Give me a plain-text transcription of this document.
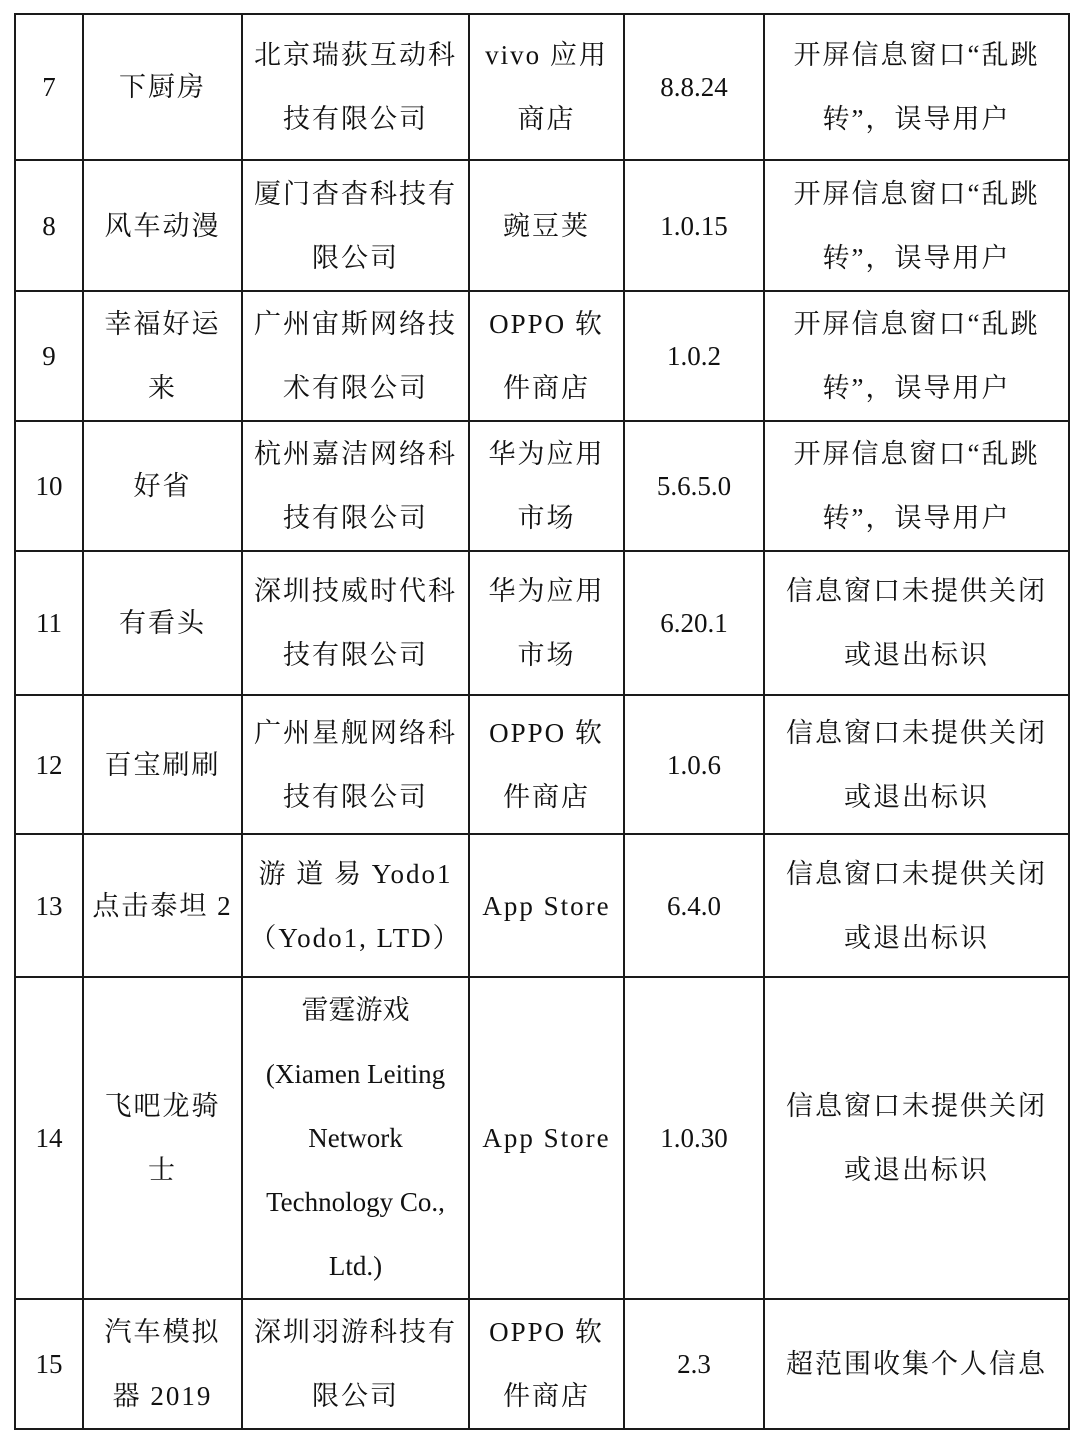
7	下厨房	北京瑞荻互动科
技有限公司	vivo 应用
商店	8.8.24	开屏信息窗口“乱跳
转”，误导用户

8	风车动漫	厦门杳杳科技有
限公司	豌豆荚	1.0.15	开屏信息窗口“乱跳
转”，误导用户

9	幸福好运
来	广州宙斯网络技
术有限公司	OPPO 软
件商店	1.0.2	开屏信息窗口“乱跳
转”，误导用户

10	好省	杭州嘉洁网络科
技有限公司	华为应用
市场	5.6.5.0	开屏信息窗口“乱跳
转”，误导用户

11	有看头	深圳技威时代科
技有限公司	华为应用
市场	6.20.1	信息窗口未提供关闭
或退出标识

12	百宝刷刷	广州星舰网络科
技有限公司	OPPO 软
件商店	1.0.6	信息窗口未提供关闭
或退出标识

13	点击泰坦 2	游 道 易 Yodo1
（Yodo1, LTD）	App Store	6.4.0	信息窗口未提供关闭
或退出标识

14	飞吧龙骑
士	雷霆游戏
(Xiamen Leiting
Network
Technology Co.,
Ltd.)	App Store	1.0.30	信息窗口未提供关闭
或退出标识

15	汽车模拟
器 2019	深圳羽游科技有
限公司	OPPO 软
件商店	2.3	超范围收集个人信息
